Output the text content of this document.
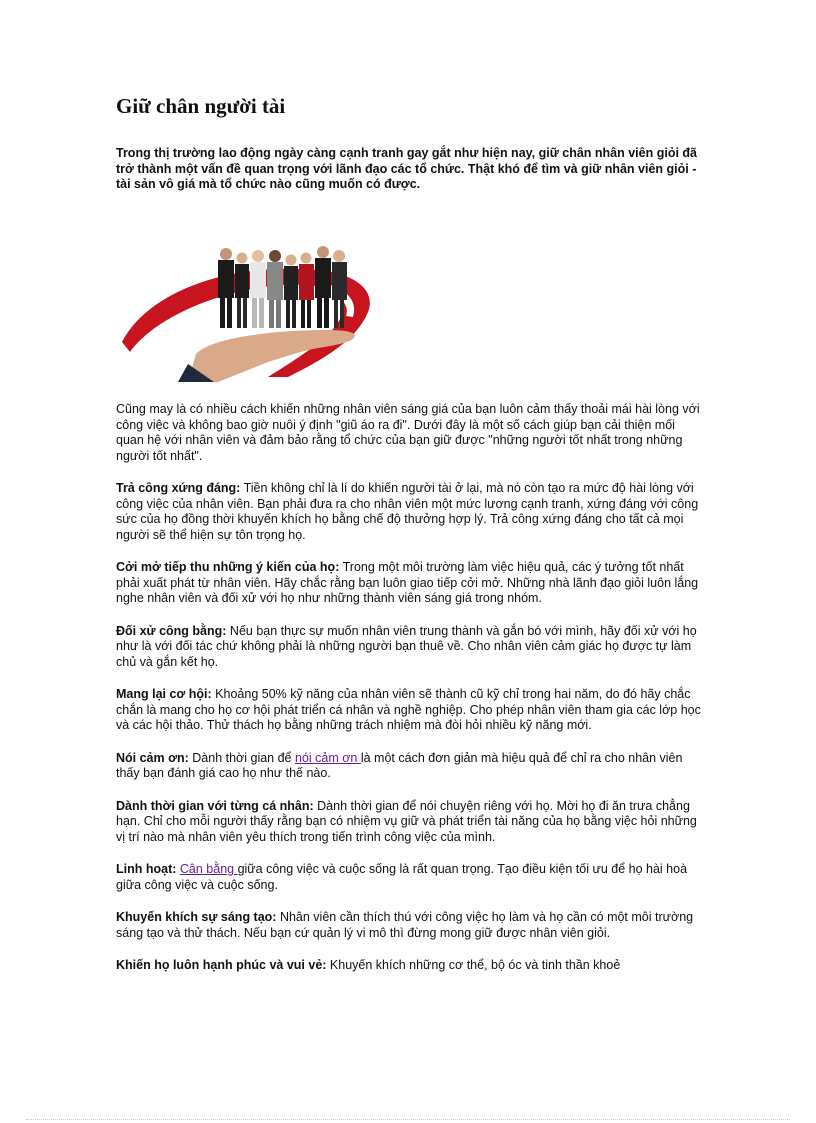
Giữ chân người tài

Trong thị trường lao động ngày càng cạnh tranh gay gắt như hiện nay, giữ chân nhân viên giỏi đã trở thành một vấn đề quan trọng với lãnh đạo các tổ chức. Thật khó để tìm và giữ nhân viên giỏi - tài sản vô giá mà tổ chức nào cũng muốn có được.

Cũng may là có nhiều cách khiến những nhân viên sáng giá của bạn luôn cảm thấy thoải mái hài lòng với công việc và không bao giờ nuôi ý định "giũ áo ra đi". Dưới đây là một số cách giúp bạn cải thiện mối quan hệ với nhân viên và đảm bảo rằng tổ chức của bạn giữ được "những người tốt nhất trong những người tốt nhất".

Trả công xứng đáng: Tiền không chỉ là lí do khiến người tài ở lại, mà nó còn tạo ra mức độ hài lòng với công việc của nhân viên. Bạn phải đưa ra cho nhân viên một mức lương cạnh tranh, xứng đáng với công sức của họ đồng thời khuyến khích họ bằng chế độ thưởng hợp lý. Trả công xứng đáng cho tất cả mọi người sẽ thể hiện sự tôn trọng họ.

Cởi mở tiếp thu những ý kiến của họ: Trong một môi trường làm việc hiệu quả, các ý tưởng tốt nhất phải xuất phát từ nhân viên. Hãy chắc rằng bạn luôn giao tiếp cởi mở. Những nhà lãnh đạo giỏi luôn lắng nghe nhân viên và đối xử với họ như những thành viên sáng giá trong nhóm.

Đối xử công bằng: Nếu bạn thực sự muốn nhân viên trung thành và gắn bó với mình, hãy đối xử với họ như là với đối tác chứ không phải là những người bạn thuê về. Cho nhân viên cảm giác họ được tự làm chủ và gắn kết họ.

Mang lại cơ hội: Khoảng 50% kỹ năng của nhân viên sẽ thành cũ kỹ chỉ trong hai năm, do đó hãy chắc chắn là mang cho họ cơ hội phát triển cá nhân và nghề nghiệp. Cho phép nhân viên tham gia các lớp học và các hội thảo. Thử thách họ bằng những trách nhiệm mà đòi hỏi nhiều kỹ năng mới.

Nói cảm ơn: Dành thời gian để nói cảm ơn là một cách đơn giản mà hiệu quả để chỉ ra cho nhân viên thấy bạn đánh giá cao họ như thế nào.

Dành thời gian với từng cá nhân: Dành thời gian để nói chuyện riêng với họ. Mời họ đi ăn trưa chẳng hạn. Chỉ cho mỗi người thấy rằng bạn có nhiệm vụ giữ và phát triển tài năng của họ bằng việc hỏi những vị trí nào mà nhân viên yêu thích trong tiến trình công việc của mình.

Linh hoạt: Cân bằng giữa công việc và cuộc sống là rất quan trọng. Tạo điều kiện tối ưu để họ hài hoà giữa công việc và cuộc sống.

Khuyến khích sự sáng tạo: Nhân viên cần thích thú với công việc họ làm và họ cần có một môi trường sáng tạo và thử thách. Nếu bạn cứ quản lý vi mô thì đừng mong giữ được nhân viên giỏi.

Khiến họ luôn hạnh phúc và vui vẻ: Khuyến khích những cơ thể, bộ óc và tinh thần khoẻ
